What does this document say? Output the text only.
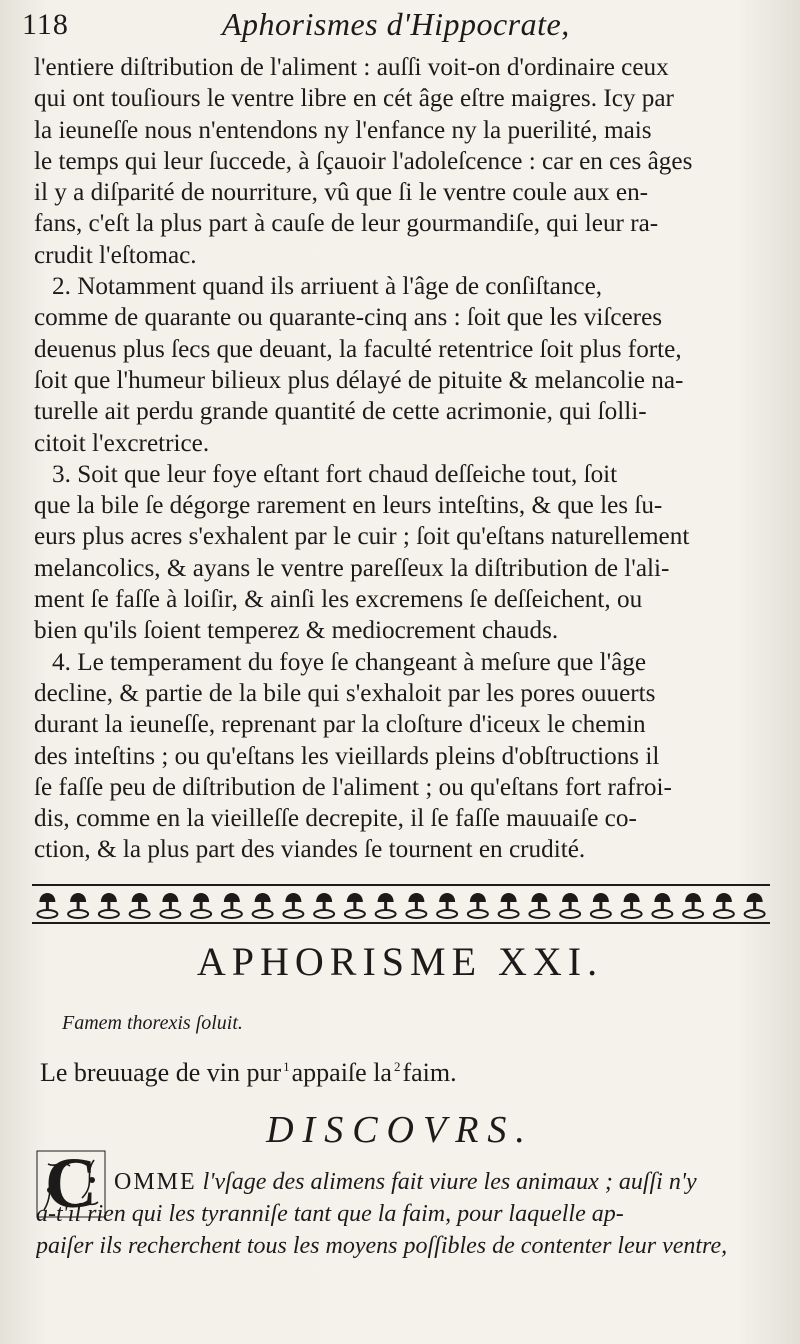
118	Aphorismes d'Hippocrate,
l'entiere diſtribution de l'aliment : auſſi voit-on d'ordinaire ceux
qui ont touſiours le ventre libre en cét âge eſtre maigres. Icy par
la ieuneſſe nous n'entendons ny l'enfance ny la puerilité, mais
le temps qui leur ſuccede, à ſçauoir l'adoleſcence : car en ces âges
il y a diſparité de nourriture, vû que ſi le ventre coule aux en-
fans, c'eſt la plus part à cauſe de leur gourmandiſe, qui leur ra-
crudit l'eſtomac.
2. Notamment quand ils arriuent à l'âge de conſiſtance,
comme de quarante ou quarante-cinq ans : ſoit que les viſceres
deuenus plus ſecs que deuant, la faculté retentrice ſoit plus forte,
ſoit que l'humeur bilieux plus délayé de pituite & melancolie na-
turelle ait perdu grande quantité de cette acrimonie, qui ſolli-
citoit l'excretrice.
3. Soit que leur foye eſtant fort chaud deſſeiche tout, ſoit
que la bile ſe dégorge rarement en leurs inteſtins, & que les ſu-
eurs plus acres s'exhalent par le cuir ; ſoit qu'eſtans naturellement
melancolics, & ayans le ventre pareſſeux la diſtribution de l'ali-
ment ſe faſſe à loiſir, & ainſi les excremens ſe deſſeichent, ou
bien qu'ils ſoient temperez & mediocrement chauds.
4. Le temperament du foye ſe changeant à meſure que l'âge
decline, & partie de la bile qui s'exhaloit par les pores ouuerts
durant la ieuneſſe, reprenant par la cloſture d'iceux le chemin
des inteſtins ; ou qu'eſtans les vieillards pleins d'obſtructions il
ſe faſſe peu de diſtribution de l'aliment ; ou qu'eſtans fort rafroi-
dis, comme en la vieilleſſe decrepite, il ſe faſſe mauuaiſe co-
ction, & la plus part des viandes ſe tournent en crudité.
APHORISME XXI.
Famem thorexis ſoluit.
Le breuuage de vin pur $^1$appaiſe la $^2$faim.
DISCOVRS.
C OMME l'vſage des alimens fait viure les animaux ; auſſi n'y
a-t'il rien qui les tyranniſe tant que la faim, pour laquelle ap-
paiſer ils recherchent tous les moyens poſſibles de contenter leur ventre,
